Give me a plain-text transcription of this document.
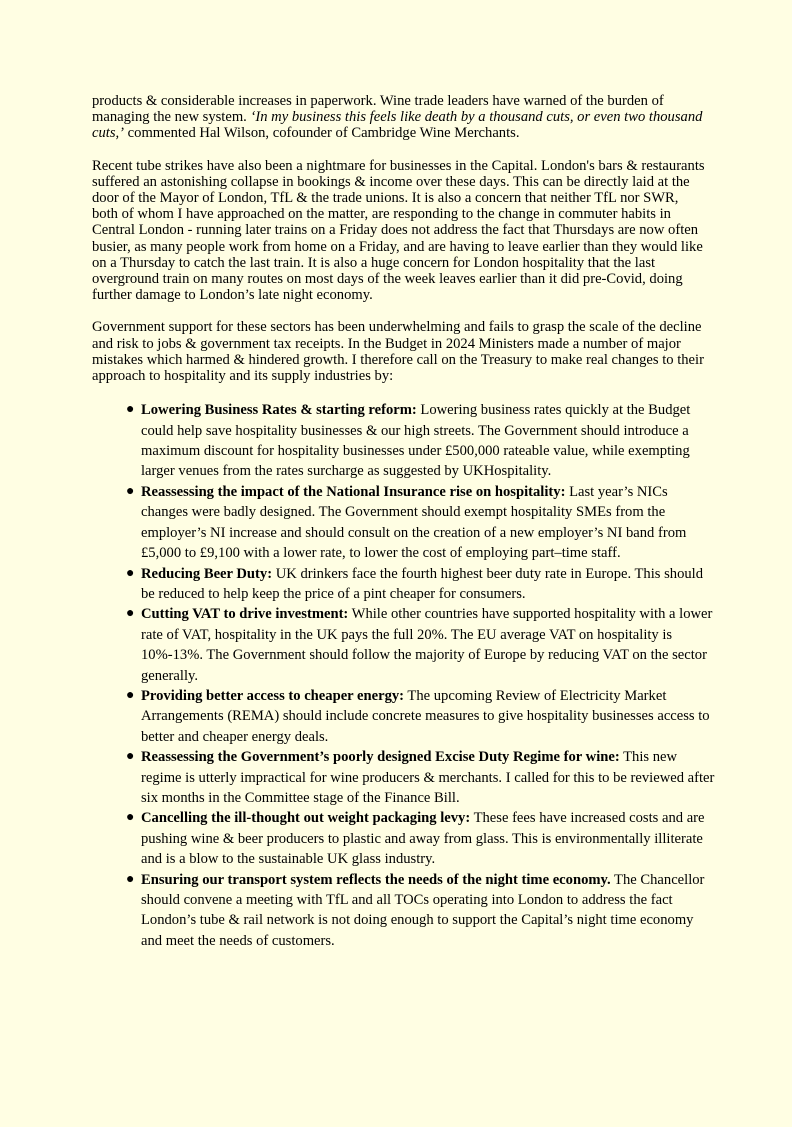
products & considerable increases in paperwork. Wine trade leaders have warned of the burden of managing the new system. ‘In my business this feels like death by a thousand cuts, or even two thousand cuts,’ commented Hal Wilson, cofounder of Cambridge Wine Merchants.

Recent tube strikes have also been a nightmare for businesses in the Capital. London's bars & restaurants suffered an astonishing collapse in bookings & income over these days. This can be directly laid at the door of the Mayor of London, TfL & the trade unions. It is also a concern that neither TfL nor SWR, both of whom I have approached on the matter, are responding to the change in commuter habits in Central London - running later trains on a Friday does not address the fact that Thursdays are now often busier, as many people work from home on a Friday, and are having to leave earlier than they would like on a Thursday to catch the last train. It is also a huge concern for London hospitality that the last overground train on many routes on most days of the week leaves earlier than it did pre-Covid, doing further damage to London’s late night economy.

Government support for these sectors has been underwhelming and fails to grasp the scale of the decline and risk to jobs & government tax receipts. In the Budget in 2024 Ministers made a number of major mistakes which harmed & hindered growth. I therefore call on the Treasury to make real changes to their approach to hospitality and its supply industries by:

● Lowering Business Rates & starting reform: Lowering business rates quickly at the Budget could help save hospitality businesses & our high streets. The Government should introduce a maximum discount for hospitality businesses under £500,000 rateable value, while exempting larger venues from the rates surcharge as suggested by UKHospitality.
● Reassessing the impact of the National Insurance rise on hospitality: Last year’s NICs changes were badly designed. The Government should exempt hospitality SMEs from the employer’s NI increase and should consult on the creation of a new employer’s NI band from £5,000 to £9,100 with a lower rate, to lower the cost of employing part–time staff.
● Reducing Beer Duty: UK drinkers face the fourth highest beer duty rate in Europe. This should be reduced to help keep the price of a pint cheaper for consumers.
● Cutting VAT to drive investment: While other countries have supported hospitality with a lower rate of VAT, hospitality in the UK pays the full 20%. The EU average VAT on hospitality is 10%-13%. The Government should follow the majority of Europe by reducing VAT on the sector generally.
● Providing better access to cheaper energy: The upcoming Review of Electricity Market Arrangements (REMA) should include concrete measures to give hospitality businesses access to better and cheaper energy deals.
● Reassessing the Government’s poorly designed Excise Duty Regime for wine: This new regime is utterly impractical for wine producers & merchants. I called for this to be reviewed after six months in the Committee stage of the Finance Bill.
● Cancelling the ill-thought out weight packaging levy: These fees have increased costs and are pushing wine & beer producers to plastic and away from glass. This is environmentally illiterate and is a blow to the sustainable UK glass industry.
● Ensuring our transport system reflects the needs of the night time economy. The Chancellor should convene a meeting with TfL and all TOCs operating into London to address the fact London’s tube & rail network is not doing enough to support the Capital’s night time economy and meet the needs of customers.
